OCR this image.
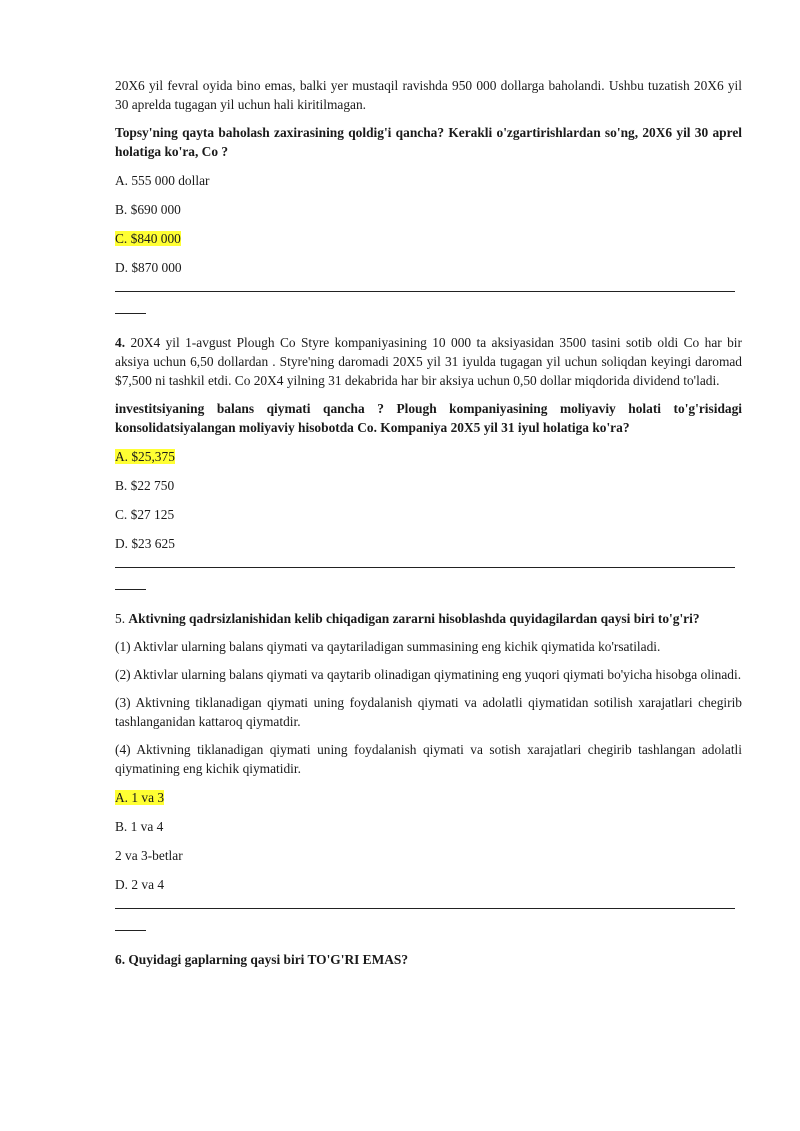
20X6 yil fevral oyida bino emas, balki yer mustaqil ravishda 950 000 dollarga baholandi. Ushbu tuzatish 20X6 yil 30 aprelda tugagan yil uchun hali kiritilmagan.

Topsy'ning qayta baholash zaxirasining qoldig'i qancha? Kerakli o'zgartirishlardan so'ng, 20X6 yil 30 aprel holatiga ko'ra, Co ?

A. 555 000 dollar
B. $690 000
C. $840 000
D. $870 000

4. 20X4 yil 1-avgust Plough Co Styre kompaniyasining 10 000 ta aksiyasidan 3500 tasini sotib oldi Co har bir aksiya uchun 6,50 dollardan . Styre'ning daromadi 20X5 yil 31 iyulda tugagan yil uchun soliqdan keyingi daromad $7,500 ni tashkil etdi. Co 20X4 yilning 31 dekabrida har bir aksiya uchun 0,50 dollar miqdorida dividend to'ladi.

investitsiyaning balans qiymati qancha ? Plough kompaniyasining moliyaviy holati to'g'risidagi konsolidatsiyalangan moliyaviy hisobotda Co. Kompaniya 20X5 yil 31 iyul holatiga ko'ra?

A. $25,375
B. $22 750
C. $27 125
D. $23 625

5. Aktivning qadrsizlanishidan kelib chiqadigan zararni hisoblashda quyidagilardan qaysi biri to'g'ri?

(1) Aktivlar ularning balans qiymati va qaytariladigan summasining eng kichik qiymatida ko'rsatiladi.

(2) Aktivlar ularning balans qiymati va qaytarib olinadigan qiymatining eng yuqori qiymati bo'yicha hisobga olinadi.

(3) Aktivning tiklanadigan qiymati uning foydalanish qiymati va adolatli qiymatidan sotilish xarajatlari chegirib tashlanganidan kattaroq qiymatdir.

(4) Aktivning tiklanadigan qiymati uning foydalanish qiymati va sotish xarajatlari chegirib tashlangan adolatli qiymatining eng kichik qiymatidir.

A. 1 va 3
B. 1 va 4
2 va 3-betlar
D. 2 va 4

6. Quyidagi gaplarning qaysi biri TO'G'RI EMAS?
